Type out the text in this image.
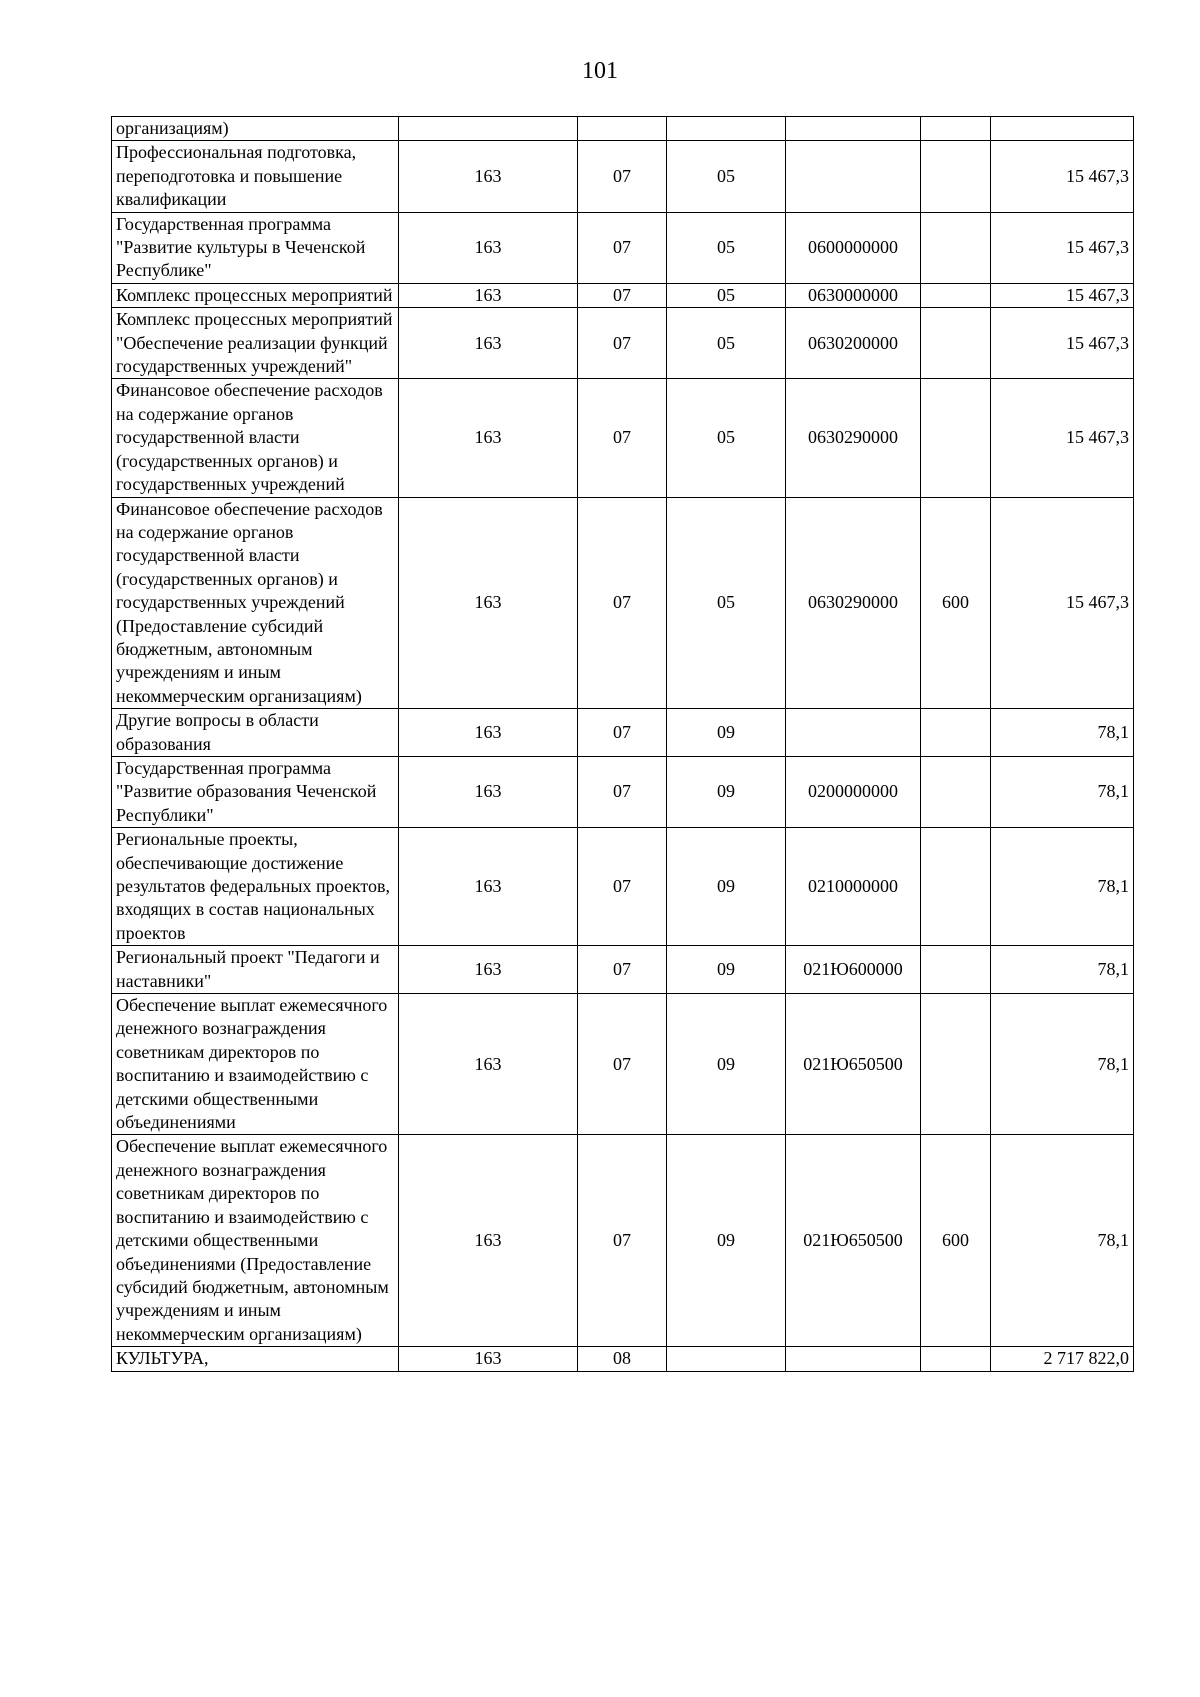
101
организациям)						
Профессиональная подготовка, переподготовка и повышение квалификации	163	07	05			15 467,3
Государственная программа "Развитие культуры в Чеченской Республике"	163	07	05	0600000000		15 467,3
Комплекс процессных мероприятий	163	07	05	0630000000		15 467,3
Комплекс процессных мероприятий "Обеспечение реализации функций государственных учреждений"	163	07	05	0630200000		15 467,3
Финансовое обеспечение расходов на содержание органов государственной власти (государственных органов) и государственных учреждений	163	07	05	0630290000		15 467,3
Финансовое обеспечение расходов на содержание органов государственной власти (государственных органов) и государственных учреждений (Предоставление субсидий бюджетным, автономным учреждениям и иным некоммерческим организациям)	163	07	05	0630290000	600	15 467,3
Другие вопросы в области образования	163	07	09			78,1
Государственная программа "Развитие образования Чеченской Республики"	163	07	09	0200000000		78,1
Региональные проекты, обеспечивающие достижение результатов федеральных проектов, входящих в состав национальных проектов	163	07	09	0210000000		78,1
Региональный проект "Педагоги и наставники"	163	07	09	021Ю600000		78,1
Обеспечение выплат ежемесячного денежного вознаграждения советникам директоров по воспитанию и взаимодействию с детскими общественными объединениями	163	07	09	021Ю650500		78,1
Обеспечение выплат ежемесячного денежного вознаграждения советникам директоров по воспитанию и взаимодействию с детскими общественными объединениями (Предоставление субсидий бюджетным, автономным учреждениям и иным некоммерческим организациям)	163	07	09	021Ю650500	600	78,1
КУЛЬТУРА,	163	08				2 717 822,0
